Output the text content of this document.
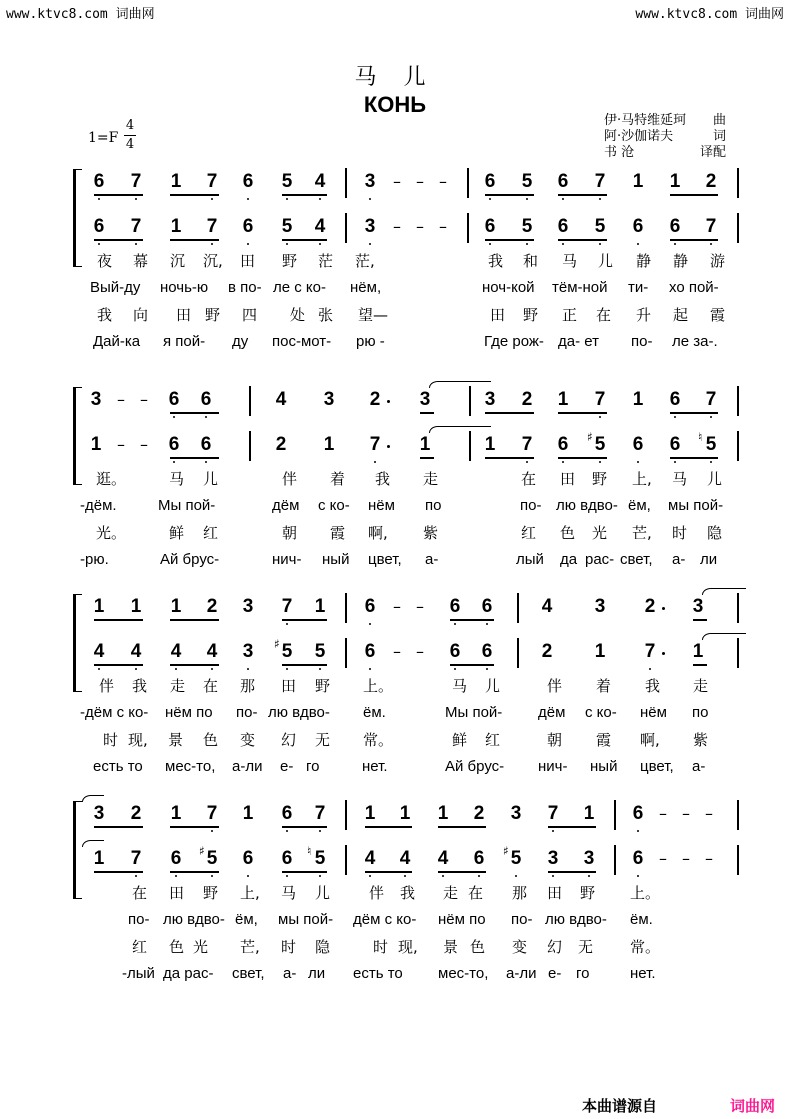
www.ktvc8.com 词曲网	www.ktvc8.com 词曲网
马 儿
КОНЬ
1=F
4
4
伊·马特维延珂 曲
阿·沙伽诺夫	词
书 沧	译配
6 7 1 7 6 5 4 3 – – – 6 5 6 7 1 1 2
6 7 1 7 6 5 4 3 – – – 6 5 6 5 6 6 7
夜 幕 沉 沉, 田 野 茫 茫,	我 和 马 儿 静 静 游
Вый-ду ночь-ю в по- ле с ко- нём,	ноч-кой тём-ной ти- хо пой-
我 向 田 野 四 处 张 望—	田 野 正 在 升 起 霞
Дай-ка я пой- ду пос-мот- рю -	Где рож- да- ет по- ле за-.
3 – – 6 6	4 3 2 3	3 2 1 7 1 6 7
1 – – 6 6	2 1 7 1	1 7 6 5
♯ 6 6 5
♮
逛。	马 儿	伴 着 我 走	在 田 野 上, 马 儿
-дём.	Мы пой-	дём с ко- нём по	по- лю вдво- ём, мы пой-
光。	鲜 红	朝 霞 啊, 紫	红 色 光 芒, 时 隐
-рю.	Ай брус-	нич- ный цвет, а-	лый да рас- свет, а- ли
1 1 1 2 3 7 1 6 – – 6 6	4 3 2 3
4 4 4 4 3 5
♯ 5 6 – – 6 6	2 1 7 1
伴 我 走 在 那 田 野 上。	马 儿	伴 着 我 走
-дём с ко- нём по по- лю вдво- ём.	Мы пой- дём с ко- нём по
时 现, 景 色 变 幻 无 常。	鲜 红	朝 霞 啊, 紫
есть то мес-то, а-ли е- го	нет.	Ай брус- нич- ный цвет, а-
3 2 1 7 1 6 7 1 1 1 2 3 7 1 6 – – –
1 7 6 5
♯ 6 6 5
♮	4 4 4 6 5
♯ 3 3 6 – – –
在 田 野 上, 马 儿	伴 我 走 在 那 田 野 上。
по- лю вдво- ём, мы пой- дём с ко- нём по по- лю вдво- ём.
红 色 光 芒, 时 隐	时 现, 景 色 变 幻 无 常。
-лый да рас- свет, а- ли есть то мес-то, а-ли е- го	нет.
本曲谱源自	词曲网
